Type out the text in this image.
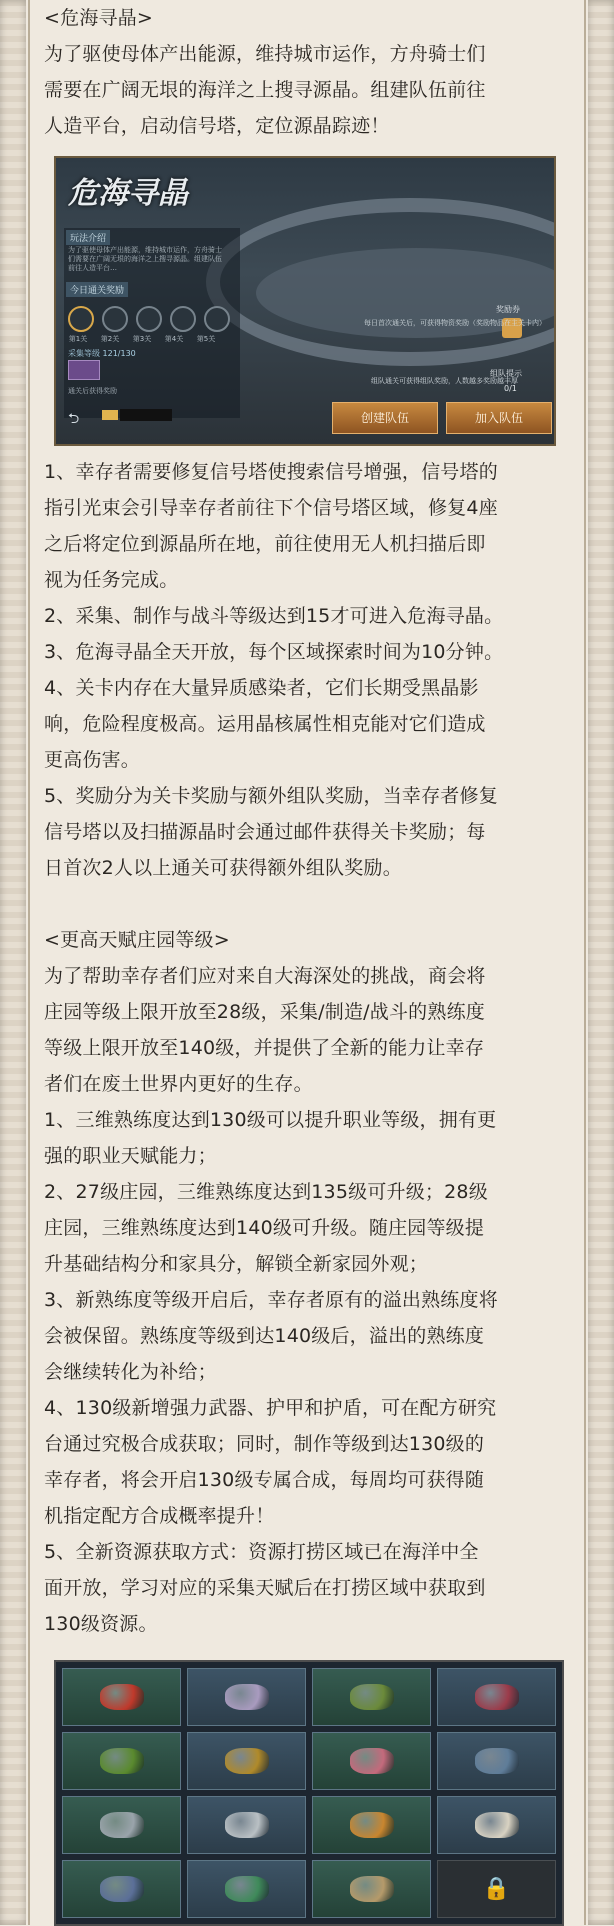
<危海寻晶>

为了驱使母体产出能源，维持城市运作，方舟骑士们

需要在广阔无垠的海洋之上搜寻源晶。组建队伍前往

人造平台，启动信号塔，定位源晶踪迹！

危海寻晶
玩法介绍
为了驱使母体产出能源，维持城市运作，方舟骑士们需要在广阔无垠的海洋之上搜寻源晶。组建队伍前往人造平台…
今日通关奖励
第1关	第2关	第3关	第4关	第5关
采集等级 121/130
通关后获得奖励
⮌
奖励券
每日首次通关后，可获得物资奖励（奖励物品在主关卡内）
组队提示
0/1
组队通关可获得组队奖励，人数越多奖励越丰厚
创建队伍	加入队伍

1、幸存者需要修复信号塔使搜索信号增强，信号塔的

指引光束会引导幸存者前往下个信号塔区域，修复4座

之后将定位到源晶所在地，前往使用无人机扫描后即

视为任务完成。

2、采集、制作与战斗等级达到15才可进入危海寻晶。

3、危海寻晶全天开放，每个区域探索时间为10分钟。

4、关卡内存在大量异质感染者，它们长期受黑晶影

响，危险程度极高。运用晶核属性相克能对它们造成

更高伤害。

5、奖励分为关卡奖励与额外组队奖励，当幸存者修复

信号塔以及扫描源晶时会通过邮件获得关卡奖励；每

日首次2人以上通关可获得额外组队奖励。

<更高天赋庄园等级>

为了帮助幸存者们应对来自大海深处的挑战，商会将

庄园等级上限开放至28级，采集/制造/战斗的熟练度

等级上限开放至140级，并提供了全新的能力让幸存

者们在废土世界内更好的生存。

1、三维熟练度达到130级可以提升职业等级，拥有更

强的职业天赋能力；

2、27级庄园，三维熟练度达到135级可升级；28级

庄园，三维熟练度达到140级可升级。随庄园等级提

升基础结构分和家具分，解锁全新家园外观；

3、新熟练度等级开启后，幸存者原有的溢出熟练度将

会被保留。熟练度等级到达140级后，溢出的熟练度

会继续转化为补给；

4、130级新增强力武器、护甲和护盾，可在配方研究

台通过究极合成获取；同时，制作等级到达130级的

幸存者，将会开启130级专属合成，每周均可获得随

机指定配方合成概率提升！

5、全新资源获取方式：资源打捞区域已在海洋中全

面开放，学习对应的采集天赋后在打捞区域中获取到

130级资源。

🔒
